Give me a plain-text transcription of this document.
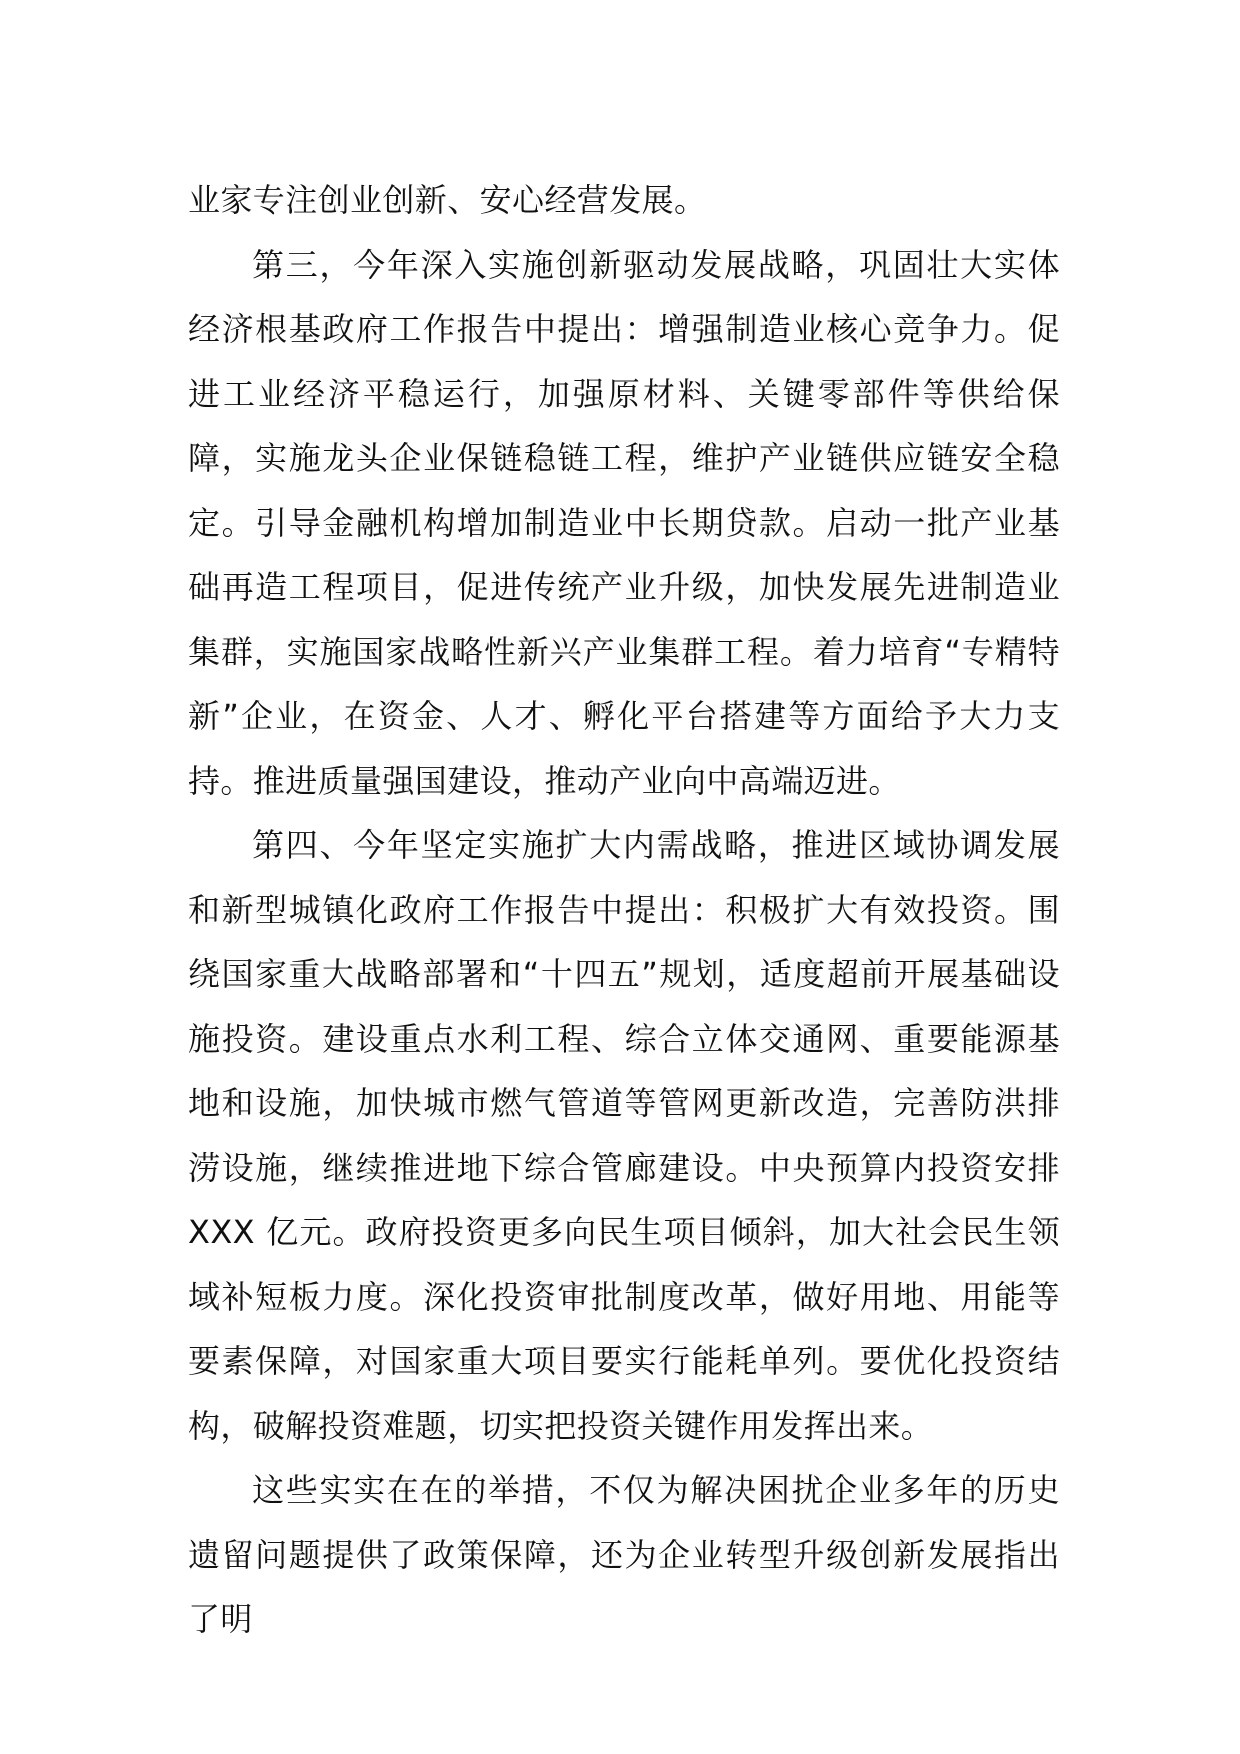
业家专注创业创新、安心经营发展。

第三，今年深入实施创新驱动发展战略，巩固壮大实体经济根基政府工作报告中提出：增强制造业核心竞争力。促进工业经济平稳运行，加强原材料、关键零部件等供给保障，实施龙头企业保链稳链工程，维护产业链供应链安全稳定。引导金融机构增加制造业中长期贷款。启动一批产业基础再造工程项目，促进传统产业升级，加快发展先进制造业集群，实施国家战略性新兴产业集群工程。着力培育“专精特新”企业，在资金、人才、孵化平台搭建等方面给予大力支持。推进质量强国建设，推动产业向中高端迈进。

第四、今年坚定实施扩大内需战略，推进区域协调发展和新型城镇化政府工作报告中提出：积极扩大有效投资。围绕国家重大战略部署和“十四五”规划，适度超前开展基础设施投资。建设重点水利工程、综合立体交通网、重要能源基地和设施，加快城市燃气管道等管网更新改造，完善防洪排涝设施，继续推进地下综合管廊建设。中央预算内投资安排 XXX 亿元。政府投资更多向民生项目倾斜，加大社会民生领域补短板力度。深化投资审批制度改革，做好用地、用能等要素保障，对国家重大项目要实行能耗单列。要优化投资结构，破解投资难题，切实把投资关键作用发挥出来。

这些实实在在的举措，不仅为解决困扰企业多年的历史遗留问题提供了政策保障，还为企业转型升级创新发展指出了明
